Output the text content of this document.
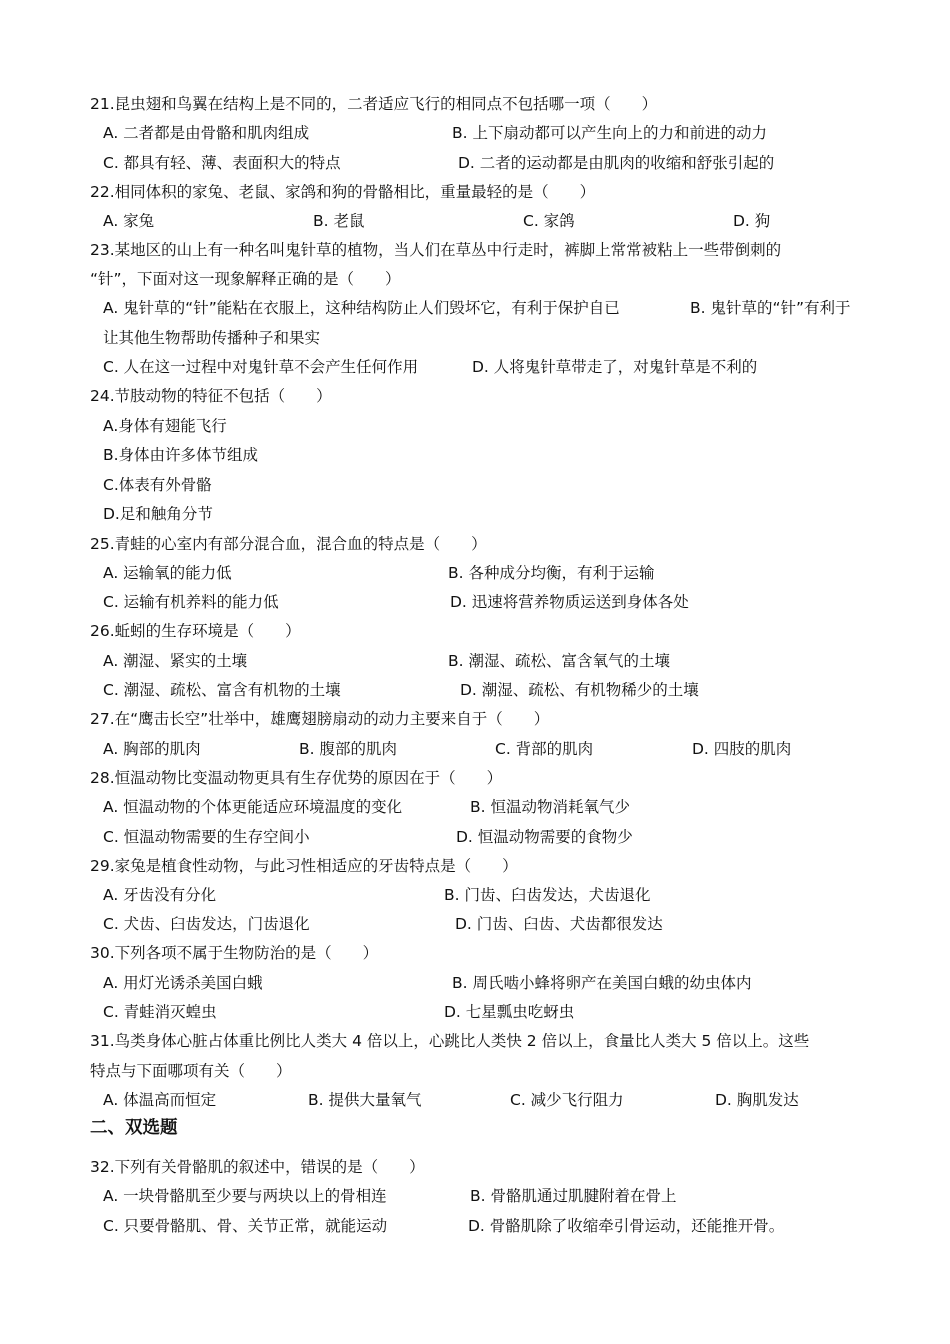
21.昆虫翅和鸟翼在结构上是不同的，二者适应飞行的相同点不包括哪一项（　　）
A. 二者都是由骨骼和肌肉组成	B. 上下扇动都可以产生向上的力和前进的动力
C. 都具有轻、薄、表面积大的特点	D. 二者的运动都是由肌肉的收缩和舒张引起的
22.相同体积的家兔、老鼠、家鸽和狗的骨骼相比，重量最轻的是（　　）
A. 家兔	B. 老鼠	C. 家鸽	D. 狗
23.某地区的山上有一种名叫鬼针草的植物，当人们在草丛中行走时，裤脚上常常被粘上一些带倒刺的
“针”，下面对这一现象解释正确的是（　　）
A. 鬼针草的“针”能粘在衣服上，这种结构防止人们毁坏它，有利于保护自已	B. 鬼针草的“针”有利于
让其他生物帮助传播种子和果实
C. 人在这一过程中对鬼针草不会产生任何作用	D. 人将鬼针草带走了，对鬼针草是不利的
24.节肢动物的特征不包括（　　）
A.身体有翅能飞行
B.身体由许多体节组成
C.体表有外骨骼
D.足和触角分节
25.青蛙的心室内有部分混合血，混合血的特点是（　　）
A. 运输氧的能力低	B. 各种成分均衡，有利于运输
C. 运输有机养料的能力低	D. 迅速将营养物质运送到身体各处
26.蚯蚓的生存环境是（　　）
A. 潮湿、紧实的土壤	B. 潮湿、疏松、富含氧气的土壤
C. 潮湿、疏松、富含有机物的土壤	D. 潮湿、疏松、有机物稀少的土壤
27.在“鹰击长空”壮举中，雄鹰翅膀扇动的动力主要来自于（　　）
A. 胸部的肌肉	B. 腹部的肌肉	C. 背部的肌肉	D. 四肢的肌肉
28.恒温动物比变温动物更具有生存优势的原因在于（　　）
A. 恒温动物的个体更能适应环境温度的变化	B. 恒温动物消耗氧气少
C. 恒温动物需要的生存空间小	D. 恒温动物需要的食物少
29.家兔是植食性动物，与此习性相适应的牙齿特点是（　　）
A. 牙齿没有分化	B. 门齿、臼齿发达，犬齿退化
C. 犬齿、臼齿发达，门齿退化	D. 门齿、臼齿、犬齿都很发达
30.下列各项不属于生物防治的是（　　）
A. 用灯光诱杀美国白蛾	B. 周氏啮小蜂将卵产在美国白蛾的幼虫体内
C. 青蛙消灭蝗虫	D. 七星瓢虫吃蚜虫
31.鸟类身体心脏占体重比例比人类大 4 倍以上，心跳比人类快 2 倍以上，食量比人类大 5 倍以上。这些
特点与下面哪项有关（　　）
A. 体温高而恒定	B. 提供大量氧气	C. 减少飞行阻力	D. 胸肌发达
二、双选题
32.下列有关骨骼肌的叙述中，错误的是（　　）
A. 一块骨骼肌至少要与两块以上的骨相连	B. 骨骼肌通过肌腱附着在骨上
C. 只要骨骼肌、骨、关节正常，就能运动	D. 骨骼肌除了收缩牵引骨运动，还能推开骨。
